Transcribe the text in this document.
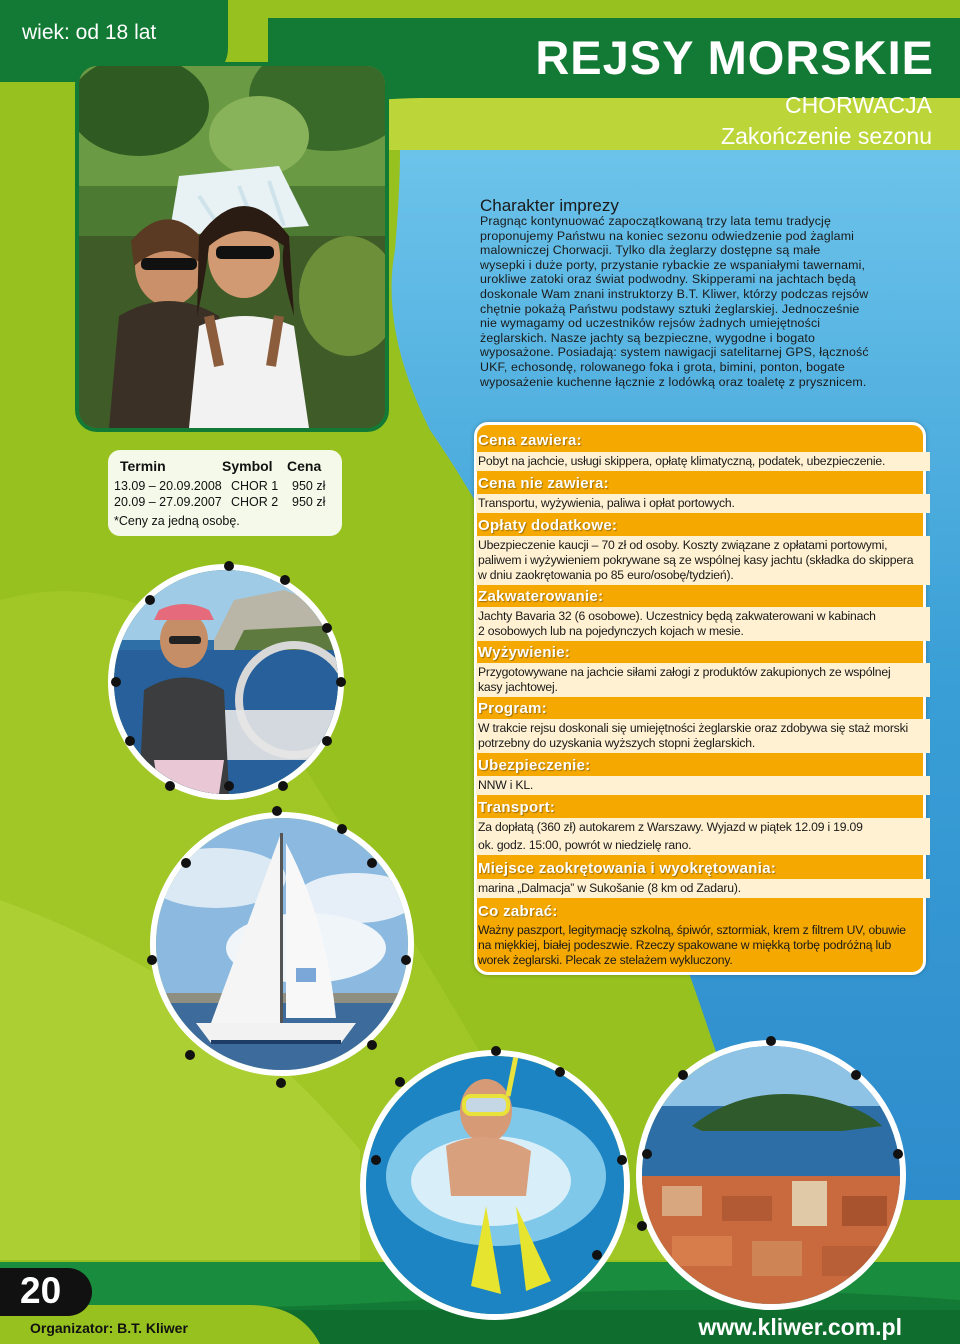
wiek: od 18 lat	REJSY MORSKIE
CHORWACJA
Zakończenie sezonu
Charakter imprezy
Pragnąc kontynuować zapoczątkowaną trzy lata temu tradycję
proponujemy Państwu na koniec sezonu odwiedzenie pod żaglami
malowniczej Chorwacji. Tylko dla żeglarzy dostępne są małe
wysepki i duże porty, przystanie rybackie ze wspaniałymi tawernami,
urokliwe zatoki oraz świat podwodny. Skipperami na jachtach będą
doskonale Wam znani instruktorzy B.T. Kliwer, którzy podczas rejsów
chętnie pokażą Państwu podstawy sztuki żeglarskiej. Jednocześnie
nie wymagamy od uczestników rejsów żadnych umiejętności
żeglarskich. Nasze jachty są bezpieczne, wygodne i bogato
wyposażone. Posiadają: system nawigacji satelitarnej GPS, łączność
UKF, echosondę, rolowanego foka i grota, bimini, ponton, bogate
wyposażenie kuchenne łącznie z lodówką oraz toaletę z prysznicem.
Termin	Symbol Cena
13.09 – 20.09.2008 CHOR 1 950 zł
20.09 – 27.09.2007 CHOR 2 950 zł
*Ceny za jedną osobę.
Cena zawiera:
Pobyt na jachcie, usługi skippera, opłatę klimatyczną, podatek, ubezpieczenie.
Cena nie zawiera:
Transportu, wyżywienia, paliwa i opłat portowych.
Opłaty dodatkowe:
Ubezpieczenie kaucji – 70 zł od osoby. Koszty związane z opłatami portowymi,
paliwem i wyżywieniem pokrywane są ze wspólnej kasy jachtu (składka do skippera
w dniu zaokrętowania po 85 euro/osobę/tydzień).
Zakwaterowanie:
Jachty Bavaria 32 (6 osobowe). Uczestnicy będą zakwaterowani w kabinach
2 osobowych lub na pojedynczych kojach w mesie.
Wyżywienie:
Przygotowywane na jachcie siłami załogi z produktów zakupionych ze wspólnej
kasy jachtowej.
Program:
W trakcie rejsu doskonali się umiejętności żeglarskie oraz zdobywa się staż morski
potrzebny do uzyskania wyższych stopni żeglarskich.
Ubezpieczenie:
NNW i KL.
Transport:
Za dopłatą (360 zł) autokarem z Warszawy. Wyjazd w piątek 12.09 i 19.09
ok. godz. 15:00, powrót w niedzielę rano.
Miejsce zaokrętowania i wyokrętowania:
marina „Dalmacja” w Sukošanie (8 km od Zadaru).
Co zabrać:
Ważny paszport, legitymację szkolną, śpiwór, sztormiak, krem z filtrem UV, obuwie
na miękkiej, białej podeszwie. Rzeczy spakowane w miękką torbę podróżną lub
worek żeglarski. Plecak ze stelażem wykluczony.
20
Organizator: B.T. Kliwer	www.kliwer.com.pl
